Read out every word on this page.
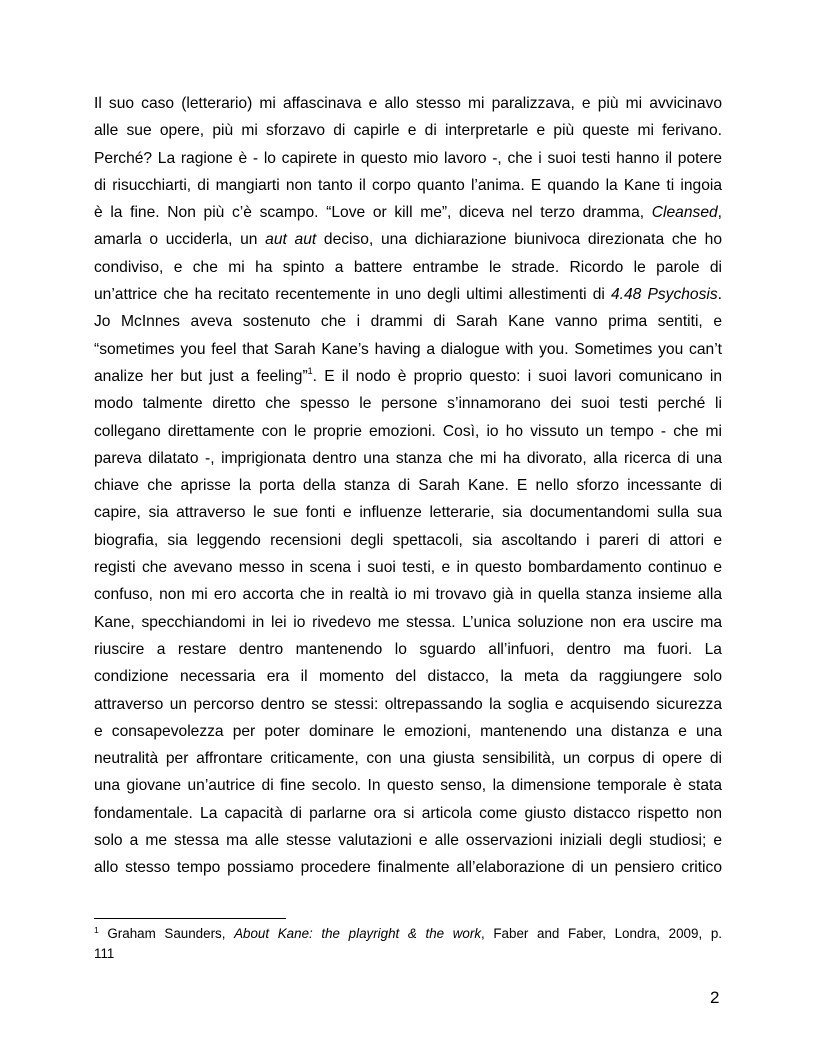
Il suo caso (letterario) mi affascinava e allo stesso mi paralizzava, e più mi avvicinavo
alle sue opere, più mi sforzavo di capirle e di interpretarle e più queste mi ferivano.
Perché? La ragione è - lo capirete in questo mio lavoro -, che i suoi testi hanno il potere
di risucchiarti, di mangiarti non tanto il corpo quanto l’anima. E quando la Kane ti ingoia
è la fine. Non più c’è scampo. “Love or kill me”, diceva nel terzo dramma, Cleansed,
amarla o ucciderla, un aut aut deciso, una dichiarazione biunivoca direzionata che ho
condiviso, e che mi ha spinto a battere entrambe le strade. Ricordo le parole di
un’attrice che ha recitato recentemente in uno degli ultimi allestimenti di 4.48 Psychosis.
Jo McInnes aveva sostenuto che i drammi di Sarah Kane vanno prima sentiti, e
“sometimes you feel that Sarah Kane’s having a dialogue with you. Sometimes you can’t
analize her but just a feeling”$^1$. E il nodo è proprio questo: i suoi lavori comunicano in
modo talmente diretto che spesso le persone s’innamorano dei suoi testi perché li
collegano direttamente con le proprie emozioni. Così, io ho vissuto un tempo - che mi
pareva dilatato -, imprigionata dentro una stanza che mi ha divorato, alla ricerca di una
chiave che aprisse la porta della stanza di Sarah Kane. E nello sforzo incessante di
capire, sia attraverso le sue fonti e influenze letterarie, sia documentandomi sulla sua
biografia, sia leggendo recensioni degli spettacoli, sia ascoltando i pareri di attori e
registi che avevano messo in scena i suoi testi, e in questo bombardamento continuo e
confuso, non mi ero accorta che in realtà io mi trovavo già in quella stanza insieme alla
Kane, specchiandomi in lei io rivedevo me stessa. L’unica soluzione non era uscire ma
riuscire a restare dentro mantenendo lo sguardo all’infuori, dentro ma fuori. La
condizione necessaria era il momento del distacco, la meta da raggiungere solo
attraverso un percorso dentro se stessi: oltrepassando la soglia e acquisendo sicurezza
e consapevolezza per poter dominare le emozioni, mantenendo una distanza e una
neutralità per affrontare criticamente, con una giusta sensibilità, un corpus di opere di
una giovane un’autrice di fine secolo. In questo senso, la dimensione temporale è stata
fondamentale. La capacità di parlarne ora si articola come giusto distacco rispetto non
solo a me stessa ma alle stesse valutazioni e alle osservazioni iniziali degli studiosi; e
allo stesso tempo possiamo procedere finalmente all’elaborazione di un pensiero critico
$^1$ Graham Saunders, About Kane: the playright & the work, Faber and Faber, Londra, 2009, p.
111
2
